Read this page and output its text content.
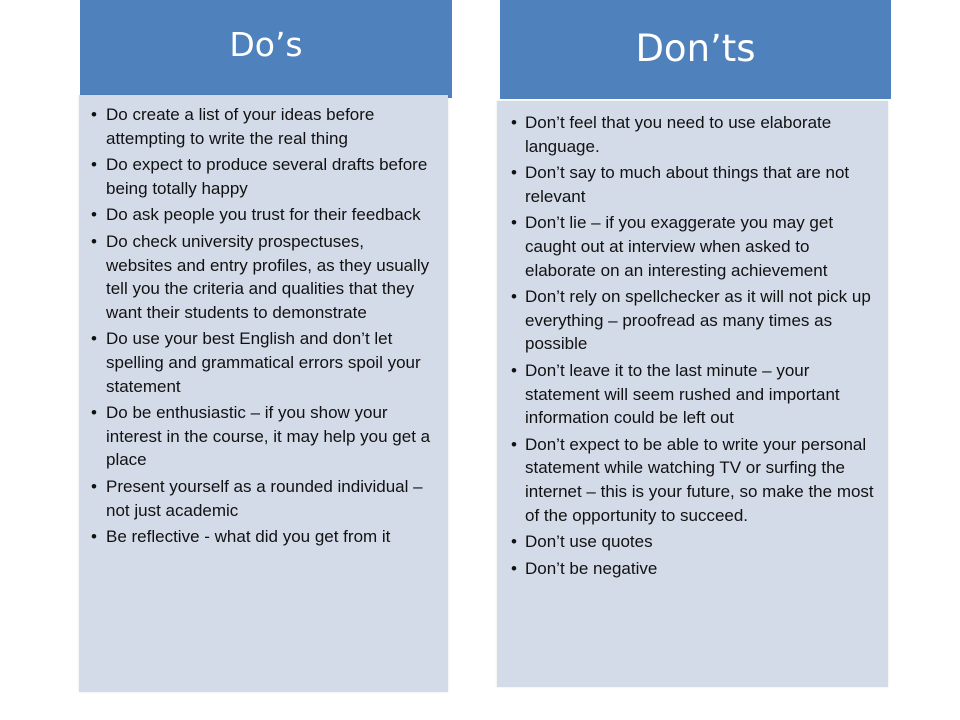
Do’s
• Do create a list of your ideas before attempting to write the real thing
• Do expect to produce several drafts before being totally happy
• Do ask people you trust for their feedback
• Do check university prospectuses, websites and entry profiles, as they usually tell you the criteria and qualities that they want their students to demonstrate
• Do use your best English and don’t let spelling and grammatical errors spoil your statement
• Do be enthusiastic – if you show your interest in the course, it may help you get a place
• Present yourself as a rounded individual – not just academic
• Be reflective - what did you get from it
Don’ts
• Don’t feel that you need to use elaborate language.
• Don’t say to much about things that are not relevant
• Don’t lie – if you exaggerate you may get caught out at interview when asked to elaborate on an interesting achievement
• Don’t rely on spellchecker as it will not pick up everything – proofread as many times as possible
• Don’t leave it to the last minute – your statement will seem rushed and important information could be left out
• Don’t expect to be able to write your personal statement while watching TV or surfing the internet – this is your future, so make the most of the opportunity to succeed.
• Don’t use quotes
• Don’t be negative
